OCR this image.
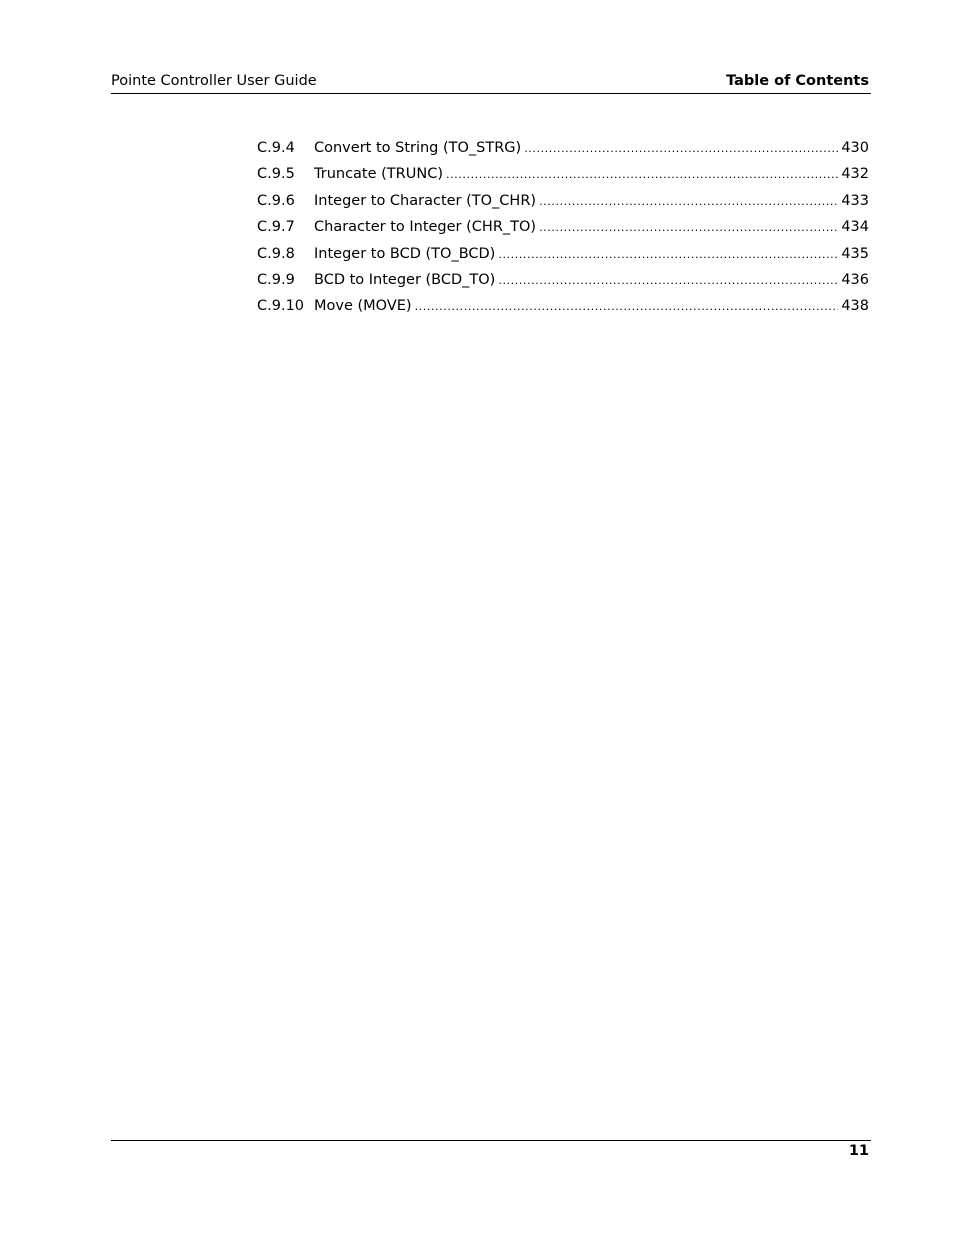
Pointe Controller User Guide	Table of Contents
C.9.4	Convert to String (TO_STRG) .....	430
C.9.5	Truncate (TRUNC) .....	432
C.9.6	Integer to Character (TO_CHR) .....	433
C.9.7	Character to Integer (CHR_TO) .....	434
C.9.8	Integer to BCD (TO_BCD) .....	435
C.9.9	BCD to Integer (BCD_TO) .....	436
C.9.10 Move (MOVE) .....	438
11
